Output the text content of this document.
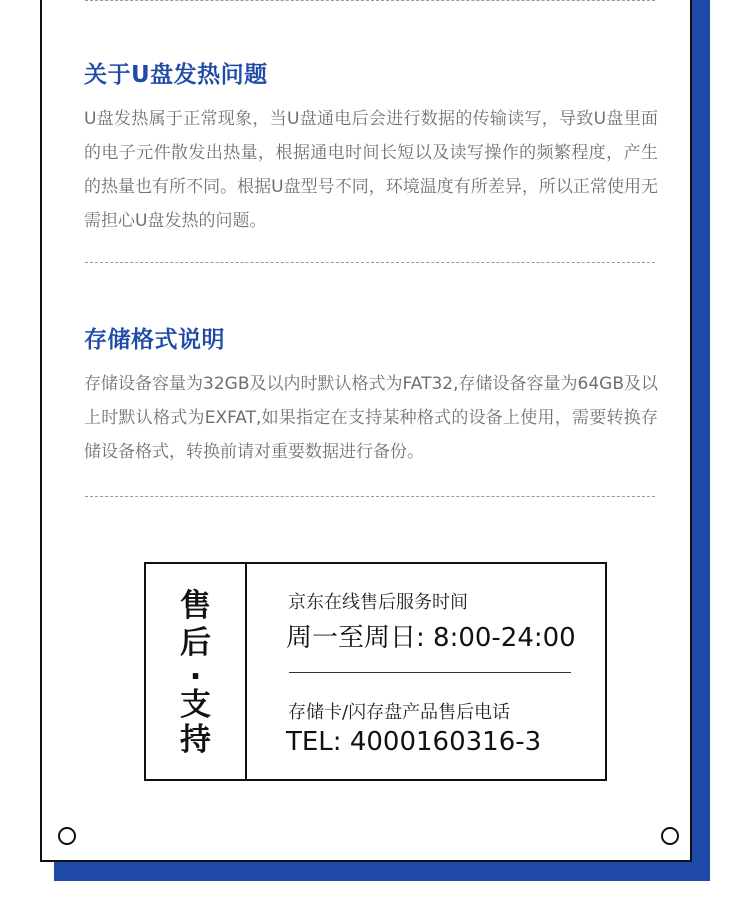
关于U盘发热问题
U盘发热属于正常现象，当U盘通电后会进行数据的传输读写，导致U盘里面的电子元件散发出热量，根据通电时间长短以及读写操作的频繁程度，产生的热量也有所不同。根据U盘型号不同，环境温度有所差异，所以正常使用无需担心U盘发热的问题。
存储格式说明
存储设备容量为32GB及以内时默认格式为FAT32,存储设备容量为64GB及以上时默认格式为EXFAT,如果指定在支持某种格式的设备上使用，需要转换存储设备格式，转换前请对重要数据进行备份。
售
后
·
支
持
京东在线售后服务时间
周一至周日: 8:00-24:00
存储卡/闪存盘产品售后电话
TEL: 4000160316-3
